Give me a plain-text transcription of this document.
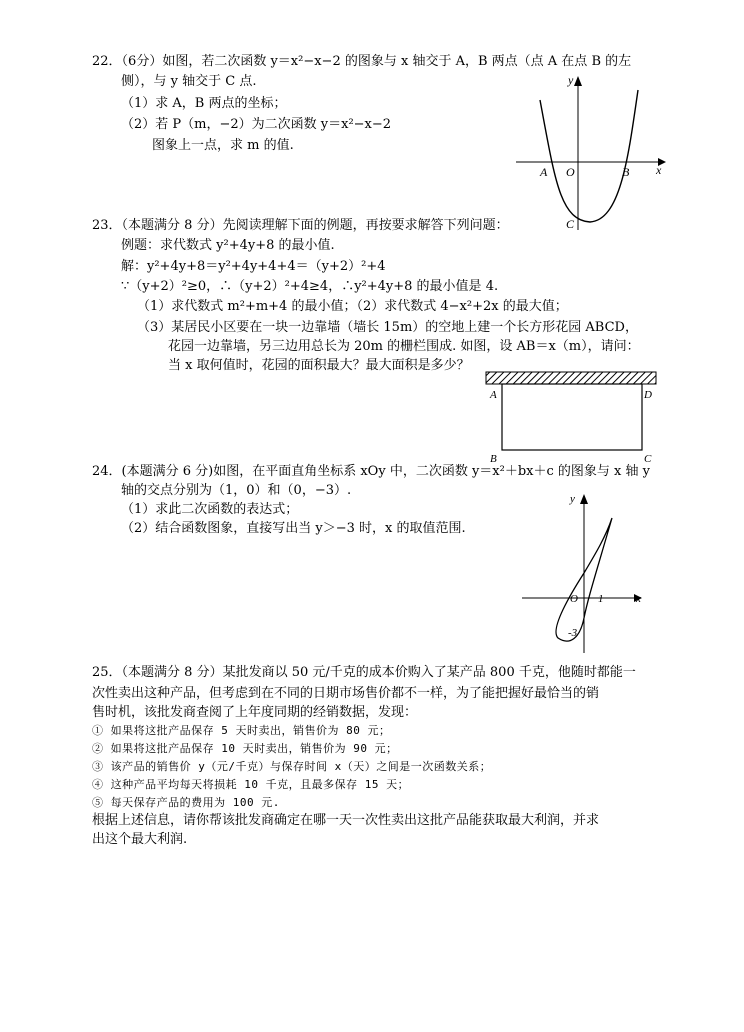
22．（6分）如图，若二次函数 y＝x²−x−2 的图象与 x 轴交于 A，B 两点（点 A 在点 B 的左
侧），与 y 轴交于 C 点.
（1）求 A，B 两点的坐标；
（2）若 P（m，−2）为二次函数 y＝x²−x−2
图象上一点，求 m 的值.
x
y
A O	B
C
23．（本题满分 8 分）先阅读理解下面的例题，再按要求解答下列问题：
例题：求代数式 y²+4y+8 的最小值.
解：y²+4y+8＝y²+4y+4+4＝（y+2）²+4
∵（y+2）²≥0，∴（y+2）²+4≥4，∴y²+4y+8 的最小值是 4.
（1）求代数式 m²+m+4 的最小值；（2）求代数式 4−x²+2x 的最大值；
（3）某居民小区要在一块一边靠墙（墙长 15m）的空地上建一个长方形花园 ABCD，
花园一边靠墙，另三边用总长为 20m 的栅栏围成. 如图，设 AB＝x（m），请问：
当 x 取何值时，花园的面积最大？最大面积是多少？
A	D
B	C
24．(本题满分 6 分)如图，在平面直角坐标系 xOy 中，二次函数 y＝x²＋bx＋c 的图象与 x 轴 y
轴的交点分别为（1，0）和（0，−3）.
（1）求此二次函数的表达式；
（2）结合函数图象，直接写出当 y＞−3 时，x 的取值范围.
y
x
O 1
-3
25．（本题满分 8 分）某批发商以 50 元/千克的成本价购入了某产品 800 千克，他随时都能一
次性卖出这种产品，但考虑到在不同的日期市场售价都不一样，为了能把握好最恰当的销
售时机，该批发商查阅了上年度同期的经销数据，发现：
① 如果将这批产品保存 5 天时卖出，销售价为 80 元；
② 如果将这批产品保存 10 天时卖出，销售价为 90 元；
③ 该产品的销售价 y（元/千克）与保存时间 x（天）之间是一次函数关系；
④ 这种产品平均每天将损耗 10 千克，且最多保存 15 天；
⑤ 每天保存产品的费用为 100 元.
根据上述信息，请你帮该批发商确定在哪一天一次性卖出这批产品能获取最大利润，并求
出这个最大利润.
